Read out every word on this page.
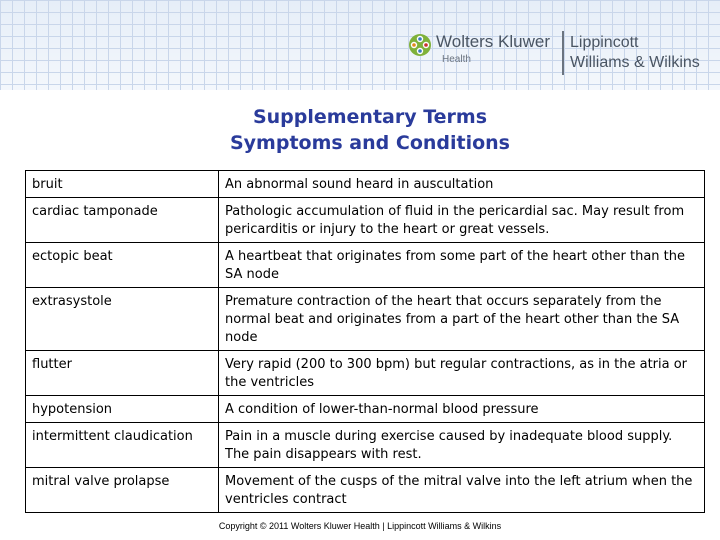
Wolters Kluwer
Health
Lippincott
Williams & Wilkins
Supplementary Terms
Symptoms and Conditions
bruit	An abnormal sound heard in auscultation
cardiac tamponade	Pathologic accumulation of fluid in the pericardial sac. May result from pericarditis or injury to the heart or great vessels.
ectopic beat	A heartbeat that originates from some part of the heart other than the SA node
extrasystole	Premature contraction of the heart that occurs separately from the normal beat and originates from a part of the heart other than the SA node
flutter	Very rapid (200 to 300 bpm) but regular contractions, as in the atria or the ventricles
hypotension	A condition of lower-than-normal blood pressure
intermittent claudication	Pain in a muscle during exercise caused by inadequate blood supply. The pain disappears with rest.
mitral valve prolapse	Movement of the cusps of the mitral valve into the left atrium when the ventricles contract
Copyright © 2011 Wolters Kluwer Health | Lippincott Williams & Wilkins
